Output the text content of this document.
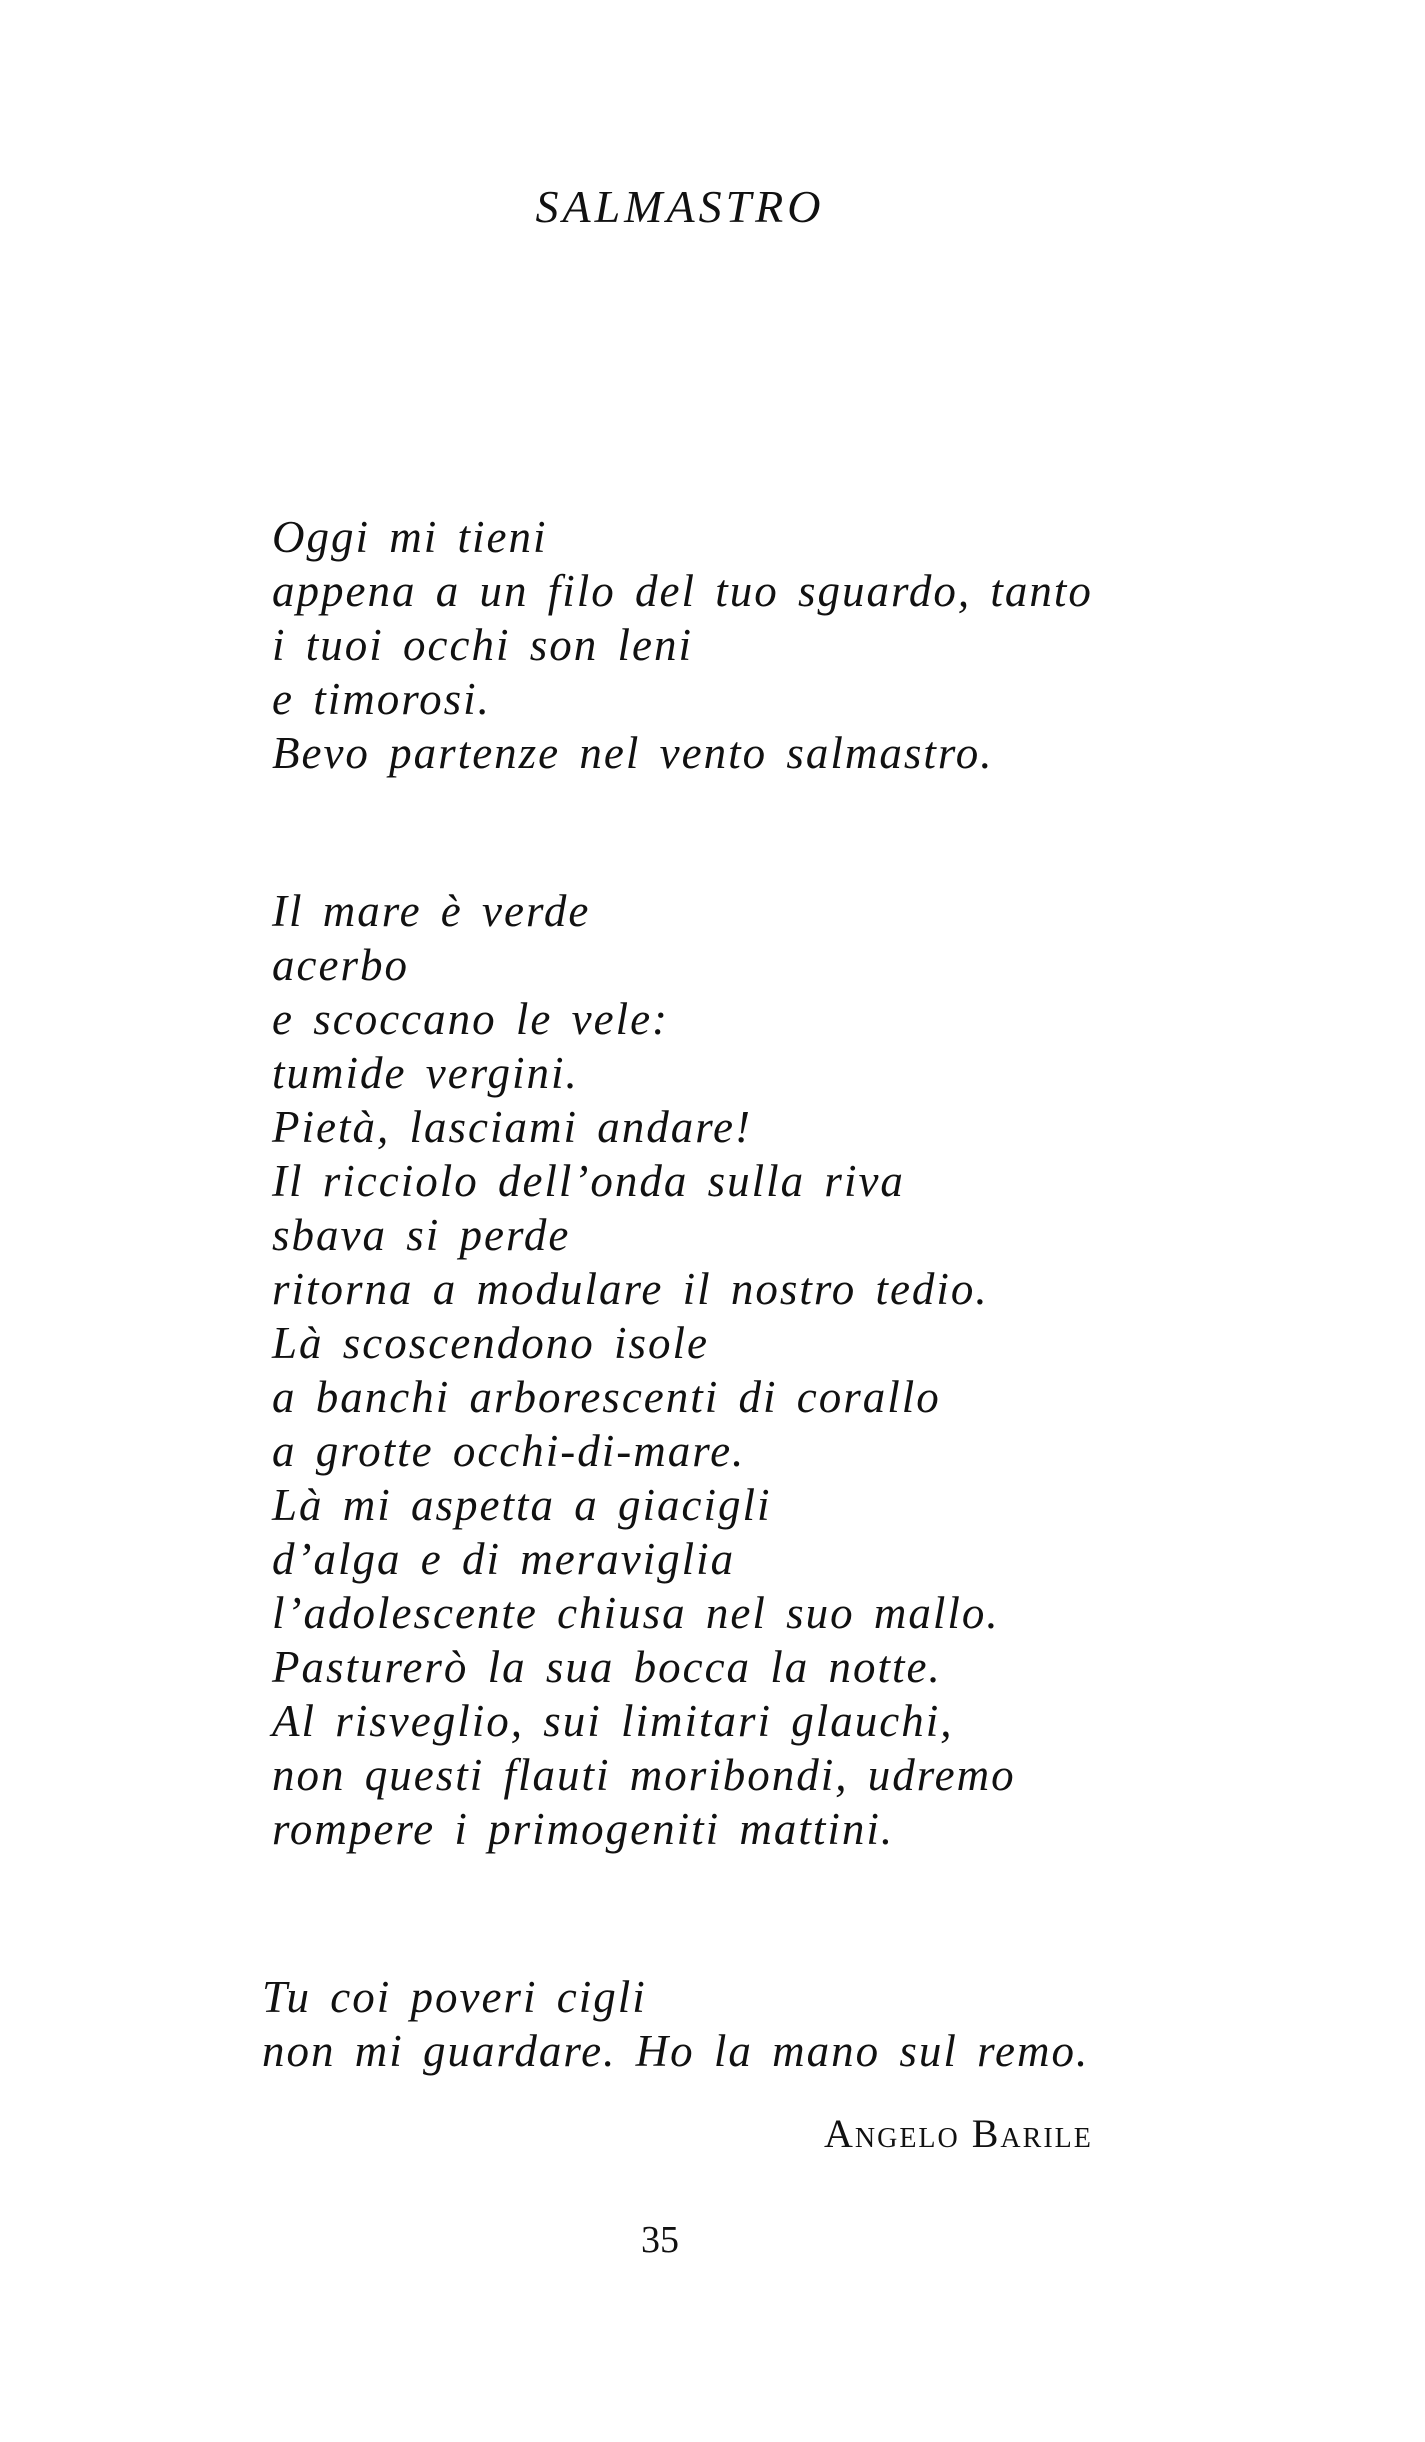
SALMASTRO
Oggi mi tieni
appena a un filo del tuo sguardo, tanto
i tuoi occhi son leni
e timorosi.
Bevo partenze nel vento salmastro.
Il mare è verde
acerbo
e scoccano le vele:
tumide vergini.
Pietà, lasciami andare!
Il ricciolo dell’onda sulla riva
sbava si perde
ritorna a modulare il nostro tedio.
Là scoscendono isole
a banchi arborescenti di corallo
a grotte occhi-di-mare.
Là mi aspetta a giacigli
d’alga e di meraviglia
l’adolescente chiusa nel suo mallo.
Pasturerò la sua bocca la notte.
Al risveglio, sui limitari glauchi,
non questi flauti moribondi, udremo
rompere i primogeniti mattini.
Tu coi poveri cigli
non mi guardare. Ho la mano sul remo.
Angelo Barile
35
